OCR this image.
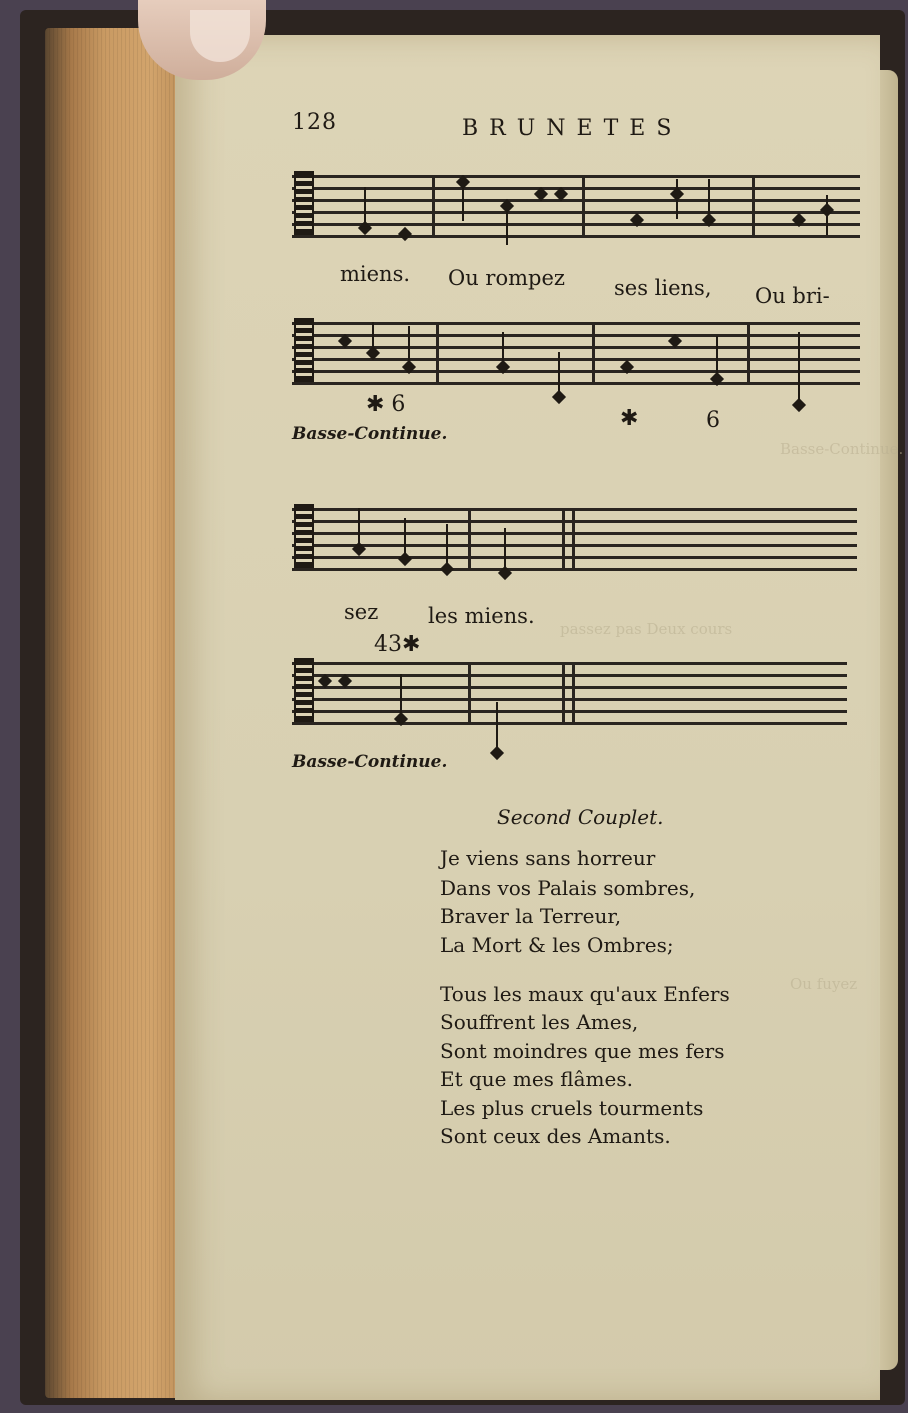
passez pas Deux cours
Basse-Continue.
Ou fuyez
128	BRUNETES
miens. Ou rompez ses liens, Ou bri-
✱ 6
✱	6
Basse-Continue.
sez les miens.
43✱
Basse-Continue.
Second Couplet.
Je viens sans horreur
Dans vos Palais sombres,
Braver la Terreur,
La Mort & les Ombres;
Tous les maux qu'aux Enfers
Souffrent les Ames,
Sont moindres que mes fers
Et que mes flâmes.
Les plus cruels tourments
Sont ceux des Amants.
